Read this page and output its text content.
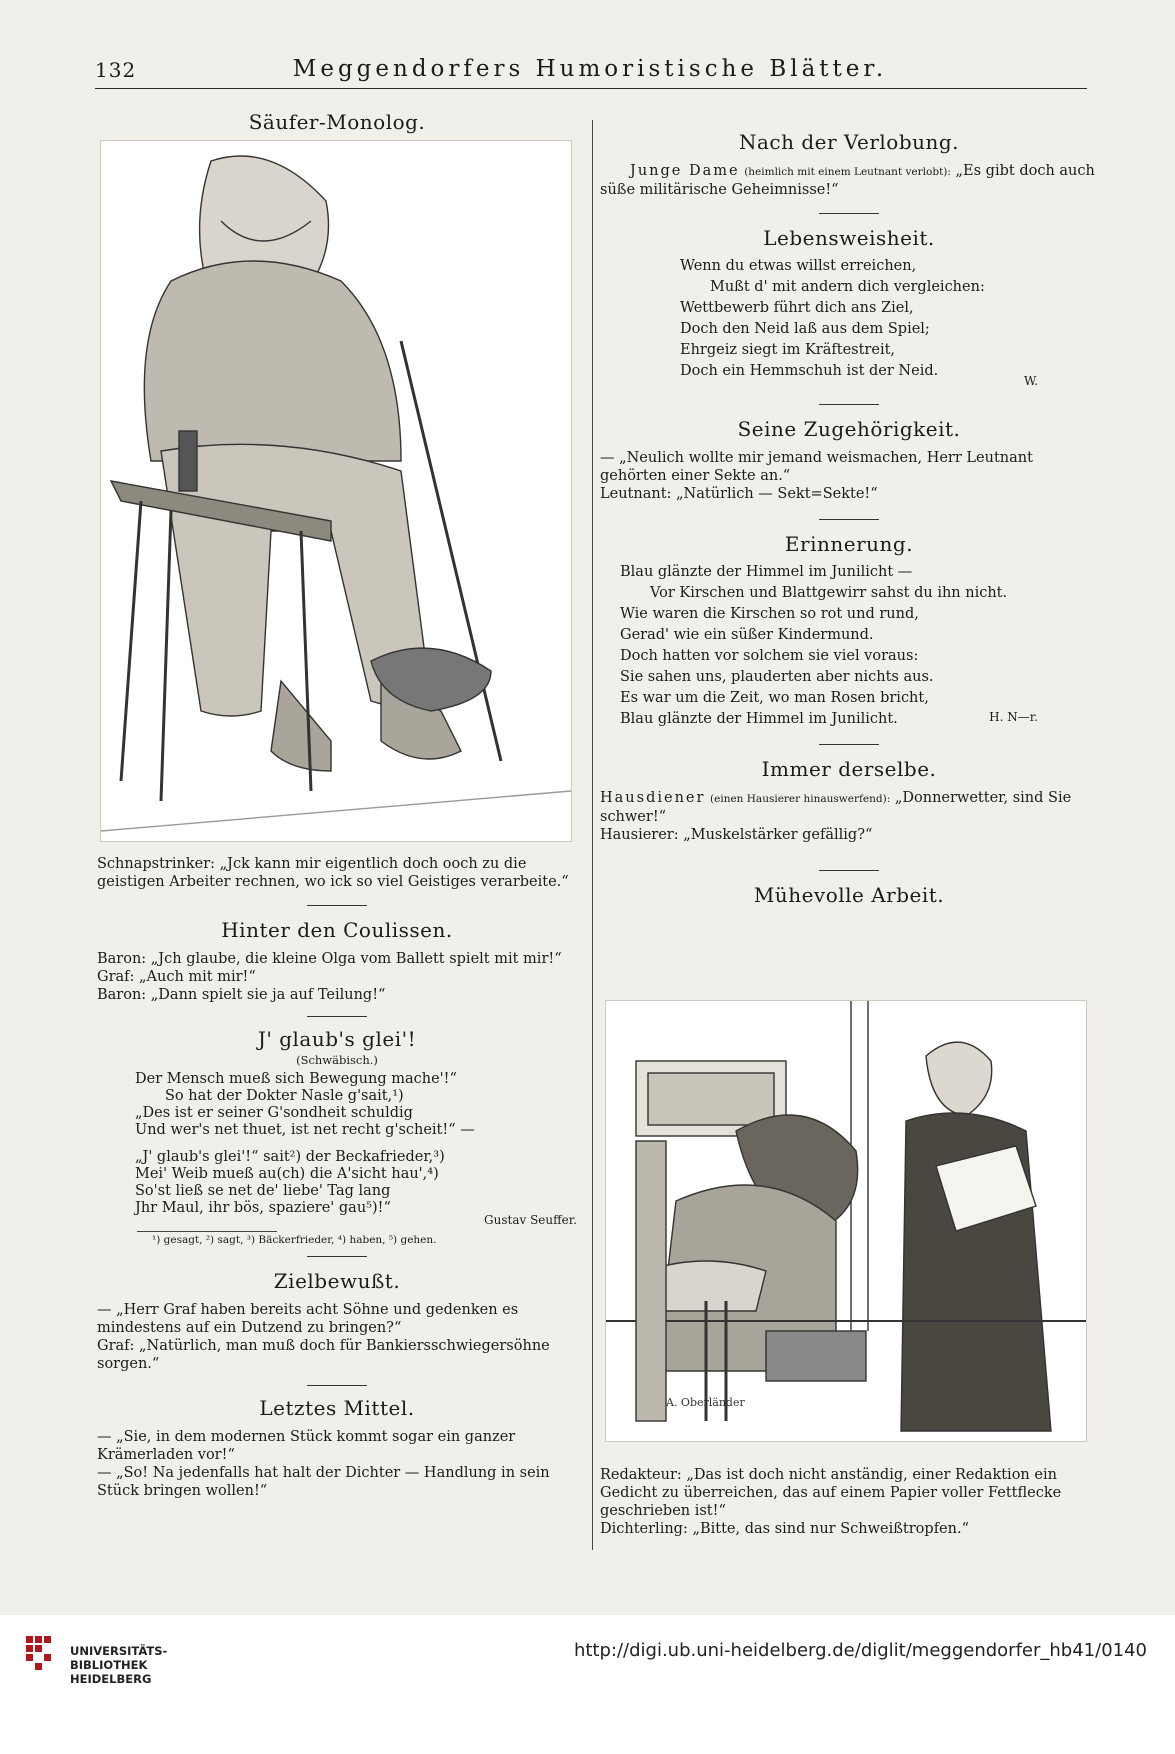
132	Meggendorfers Humoristische Blätter.
Säufer-Monolog.
Schnapstrinker: „Jck kann mir eigentlich doch ooch zu die geistigen Arbeiter rechnen, wo ick so viel Geistiges verarbeite.“
Hinter den Coulissen.
Baron: „Jch glaube, die kleine Olga vom Ballett spielt mit mir!“
Graf: „Auch mit mir!“
Baron: „Dann spielt sie ja auf Teilung!“
J' glaub's glei'!
(Schwäbisch.)
Der Mensch mueß sich Bewegung mache'!“
So hat der Dokter Nasle g'sait,¹)
„Des ist er seiner G'sondheit schuldig
Und wer's net thuet, ist net recht g'scheit!“ —
„J' glaub's glei'!“ sait²) der Beckafrieder,³)
Mei' Weib mueß au(ch) die A'sicht hau',⁴)
So'st ließ se net de' liebe' Tag lang
Jhr Maul, ihr bös, spaziere' gau⁵)!“
Gustav Seuffer.
¹) gesagt, ²) sagt, ³) Bäckerfrieder, ⁴) haben, ⁵) gehen.
Zielbewußt.
— „Herr Graf haben bereits acht Söhne und gedenken es mindestens auf ein Dutzend zu bringen?“
Graf: „Natürlich, man muß doch für Bankiersschwiegersöhne sorgen.“
Letztes Mittel.
— „Sie, in dem modernen Stück kommt sogar ein ganzer Krämerladen vor!“
— „So! Na jedenfalls hat halt der Dichter — Handlung in sein Stück bringen wollen!“
Nach der Verlobung.
Junge Dame (heimlich mit einem Leutnant verlobt): „Es gibt doch auch süße militärische Geheimnisse!“
Lebensweisheit.
Wenn du etwas willst erreichen,
Mußt d' mit andern dich vergleichen:
Wettbewerb führt dich ans Ziel,
Doch den Neid laß aus dem Spiel;
Ehrgeiz siegt im Kräftestreit,
Doch ein Hemmschuh ist der Neid.
W.
Seine Zugehörigkeit.
— „Neulich wollte mir jemand weismachen, Herr Leutnant gehörten einer Sekte an.“
Leutnant: „Natürlich — Sekt=Sekte!“
Erinnerung.
Blau glänzte der Himmel im Junilicht —
Vor Kirschen und Blattgewirr sahst du ihn nicht.
Wie waren die Kirschen so rot und rund,
Gerad' wie ein süßer Kindermund.
Doch hatten vor solchem sie viel voraus:
Sie sahen uns, plauderten aber nichts aus.
Es war um die Zeit, wo man Rosen bricht,
Blau glänzte der Himmel im Junilicht.	H. N—r.
Immer derselbe.
Hausdiener (einen Hausierer hinauswerfend): „Donnerwetter, sind Sie schwer!“
Hausierer: „Muskelstärker gefällig?“
Mühevolle Arbeit.
A. Oberländer
Redakteur: „Das ist doch nicht anständig, einer Redaktion ein Gedicht zu überreichen, das auf einem Papier voller Fettflecke geschrieben ist!“
Dichterling: „Bitte, das sind nur Schweißtropfen.“
UNIVERSITÄTS-
BIBLIOTHEK
HEIDELBERG
http://digi.ub.uni-heidelberg.de/diglit/meggendorfer_hb41/0140
